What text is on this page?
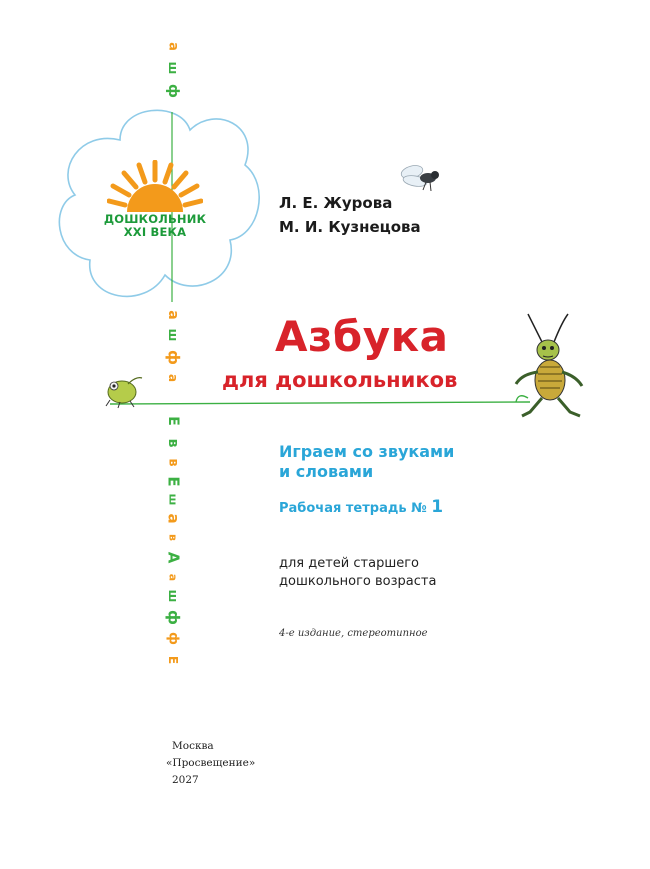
ДОШКОЛЬНИК
XXI ВЕКА
Л. Е. Журова
М. И. Кузнецова
Азбука
для дошкольников
Играем со звуками
и словами
Рабочая тетрадь № 1
для детей старшего
дошкольного возраста
4-е издание, стереотипное
Москва
«Просвещение»
2027
а
ш
ф
а
ш
ф
а
Е
в
в
Е
ш
а
в
А
а
ш
ф
ф
Е
